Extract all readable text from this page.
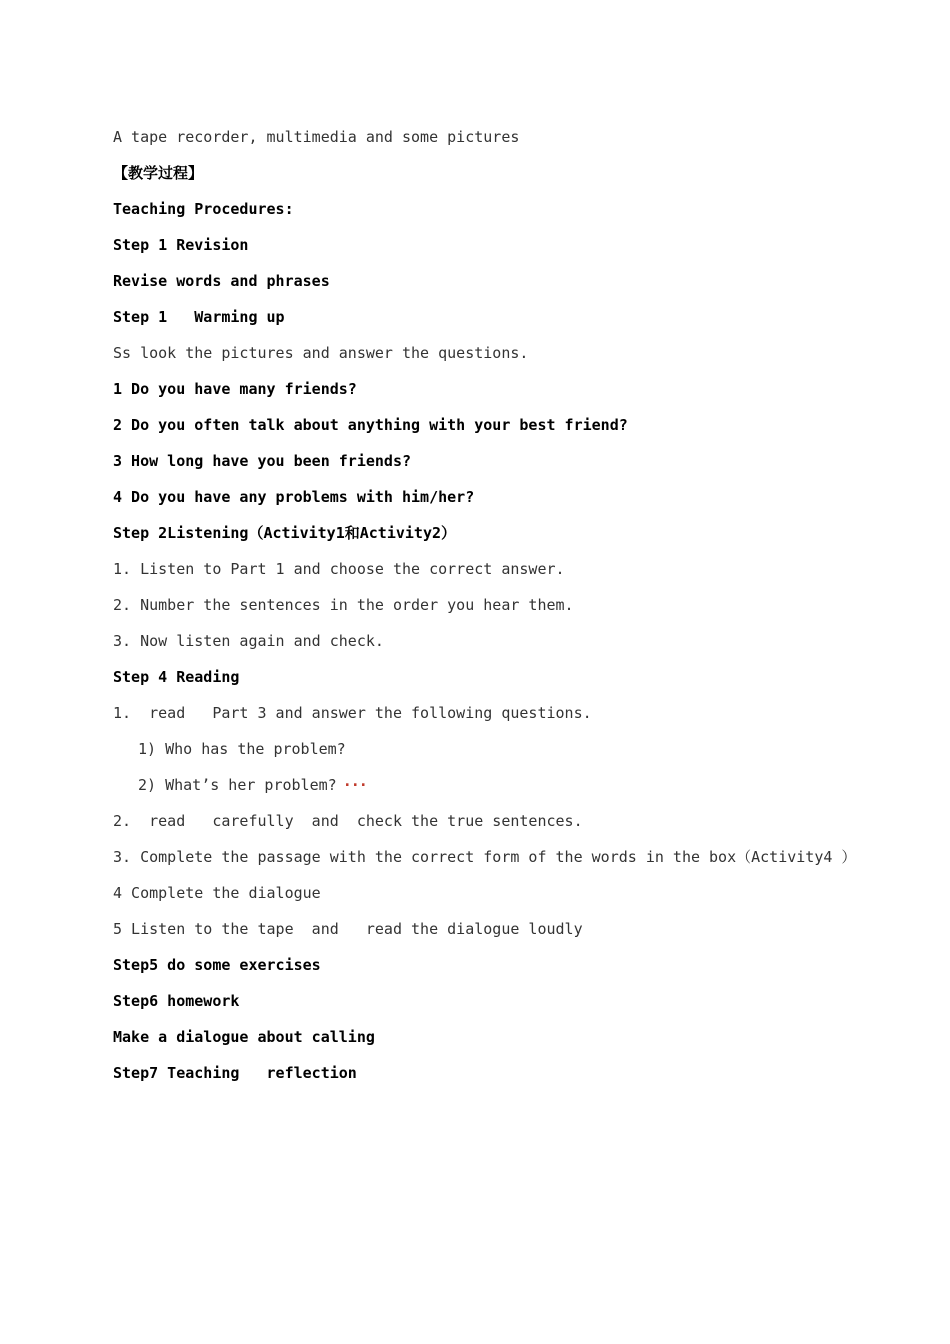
A tape recorder, multimedia and some pictures
【教学过程】
Teaching Procedures:
Step 1 Revision
Revise words and phrases
Step 1   Warming up
Ss look the pictures and answer the questions.
1 Do you have many friends?
2 Do you often talk about anything with your best friend?
3 How long have you been friends?
4 Do you have any problems with him/her?
Step 2Listening（Activity1和Activity2）
1. Listen to Part 1 and choose the correct answer.
2. Number the sentences in the order you hear them.
3. Now listen again and check.
Step 4 Reading
1.  read   Part 3 and answer the following questions.
1) Who has the problem?
2) What’s her problem? ···
2.  read   carefully  and  check the true sentences.
3. Complete the passage with the correct form of the words in the box（Activity4 ）
4 Complete the dialogue
5 Listen to the tape  and   read the dialogue loudly
Step5 do some exercises
Step6 homework
Make a dialogue about calling
Step7 Teaching   reflection
